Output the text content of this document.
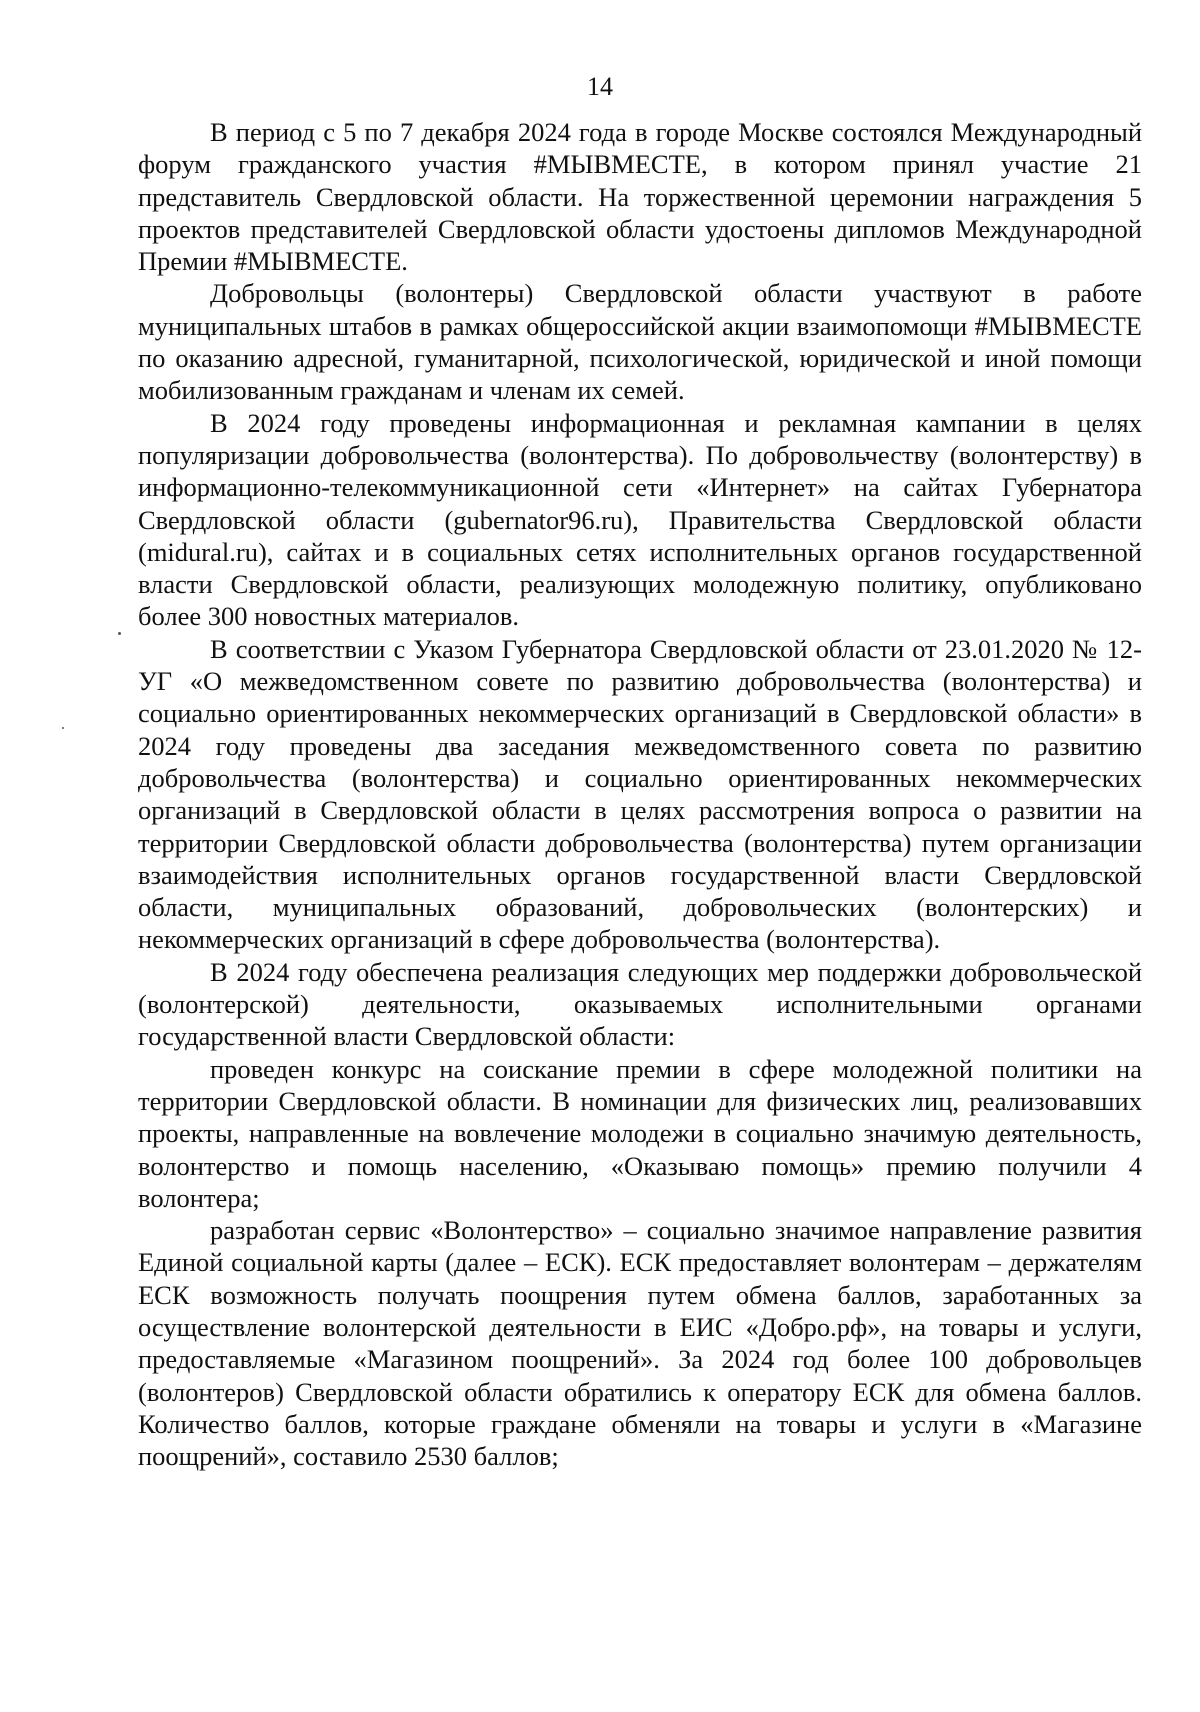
14

В период с 5 по 7 декабря 2024 года в городе Москве состоялся Международный форум гражданского участия #МЫВМЕСТЕ, в котором принял участие 21 представитель Свердловской области. На торжественной церемонии награждения 5 проектов представителей Свердловской области удостоены дипломов Международной Премии #МЫВМЕСТЕ.

Добровольцы (волонтеры) Свердловской области участвуют в работе муниципальных штабов в рамках общероссийской акции взаимопомощи #МЫВМЕСТЕ по оказанию адресной, гуманитарной, психологической, юридической и иной помощи мобилизованным гражданам и членам их семей.

В 2024 году проведены информационная и рекламная кампании в целях популяризации добровольчества (волонтерства). По добровольчеству (волонтерству) в информационно-телекоммуникационной сети «Интернет» на сайтах Губернатора Свердловской области (gubernator96.ru), Правительства Свердловской области (midural.ru), сайтах и в социальных сетях исполнительных органов государственной власти Свердловской области, реализующих молодежную политику, опубликовано более 300 новостных материалов.

В соответствии с Указом Губернатора Свердловской области от 23.01.2020 № 12-УГ «О межведомственном совете по развитию добровольчества (волонтерства) и социально ориентированных некоммерческих организаций в Свердловской области» в 2024 году проведены два заседания межведомственного совета по развитию добровольчества (волонтерства) и социально ориентированных некоммерческих организаций в Свердловской области в целях рассмотрения вопроса о развитии на территории Свердловской области добровольчества (волонтерства) путем организации взаимодействия исполнительных органов государственной власти Свердловской области, муниципальных образований, добровольческих (волонтерских) и некоммерческих организаций в сфере добровольчества (волонтерства).

В 2024 году обеспечена реализация следующих мер поддержки добровольческой (волонтерской) деятельности, оказываемых исполнительными органами государственной власти Свердловской области:

проведен конкурс на соискание премии в сфере молодежной политики на территории Свердловской области. В номинации для физических лиц, реализовавших проекты, направленные на вовлечение молодежи в социально значимую деятельность, волонтерство и помощь населению, «Оказываю помощь» премию получили 4 волонтера;

разработан сервис «Волонтерство» – социально значимое направление развития Единой социальной карты (далее – ЕСК). ЕСК предоставляет волонтерам – держателям ЕСК возможность получать поощрения путем обмена баллов, заработанных за осуществление волонтерской деятельности в ЕИС «Добро.рф», на товары и услуги, предоставляемые «Магазином поощрений». За 2024 год более 100 добровольцев (волонтеров) Свердловской области обратились к оператору ЕСК для обмена баллов. Количество баллов, которые граждане обменяли на товары и услуги в «Магазине поощрений», составило 2530 баллов;
